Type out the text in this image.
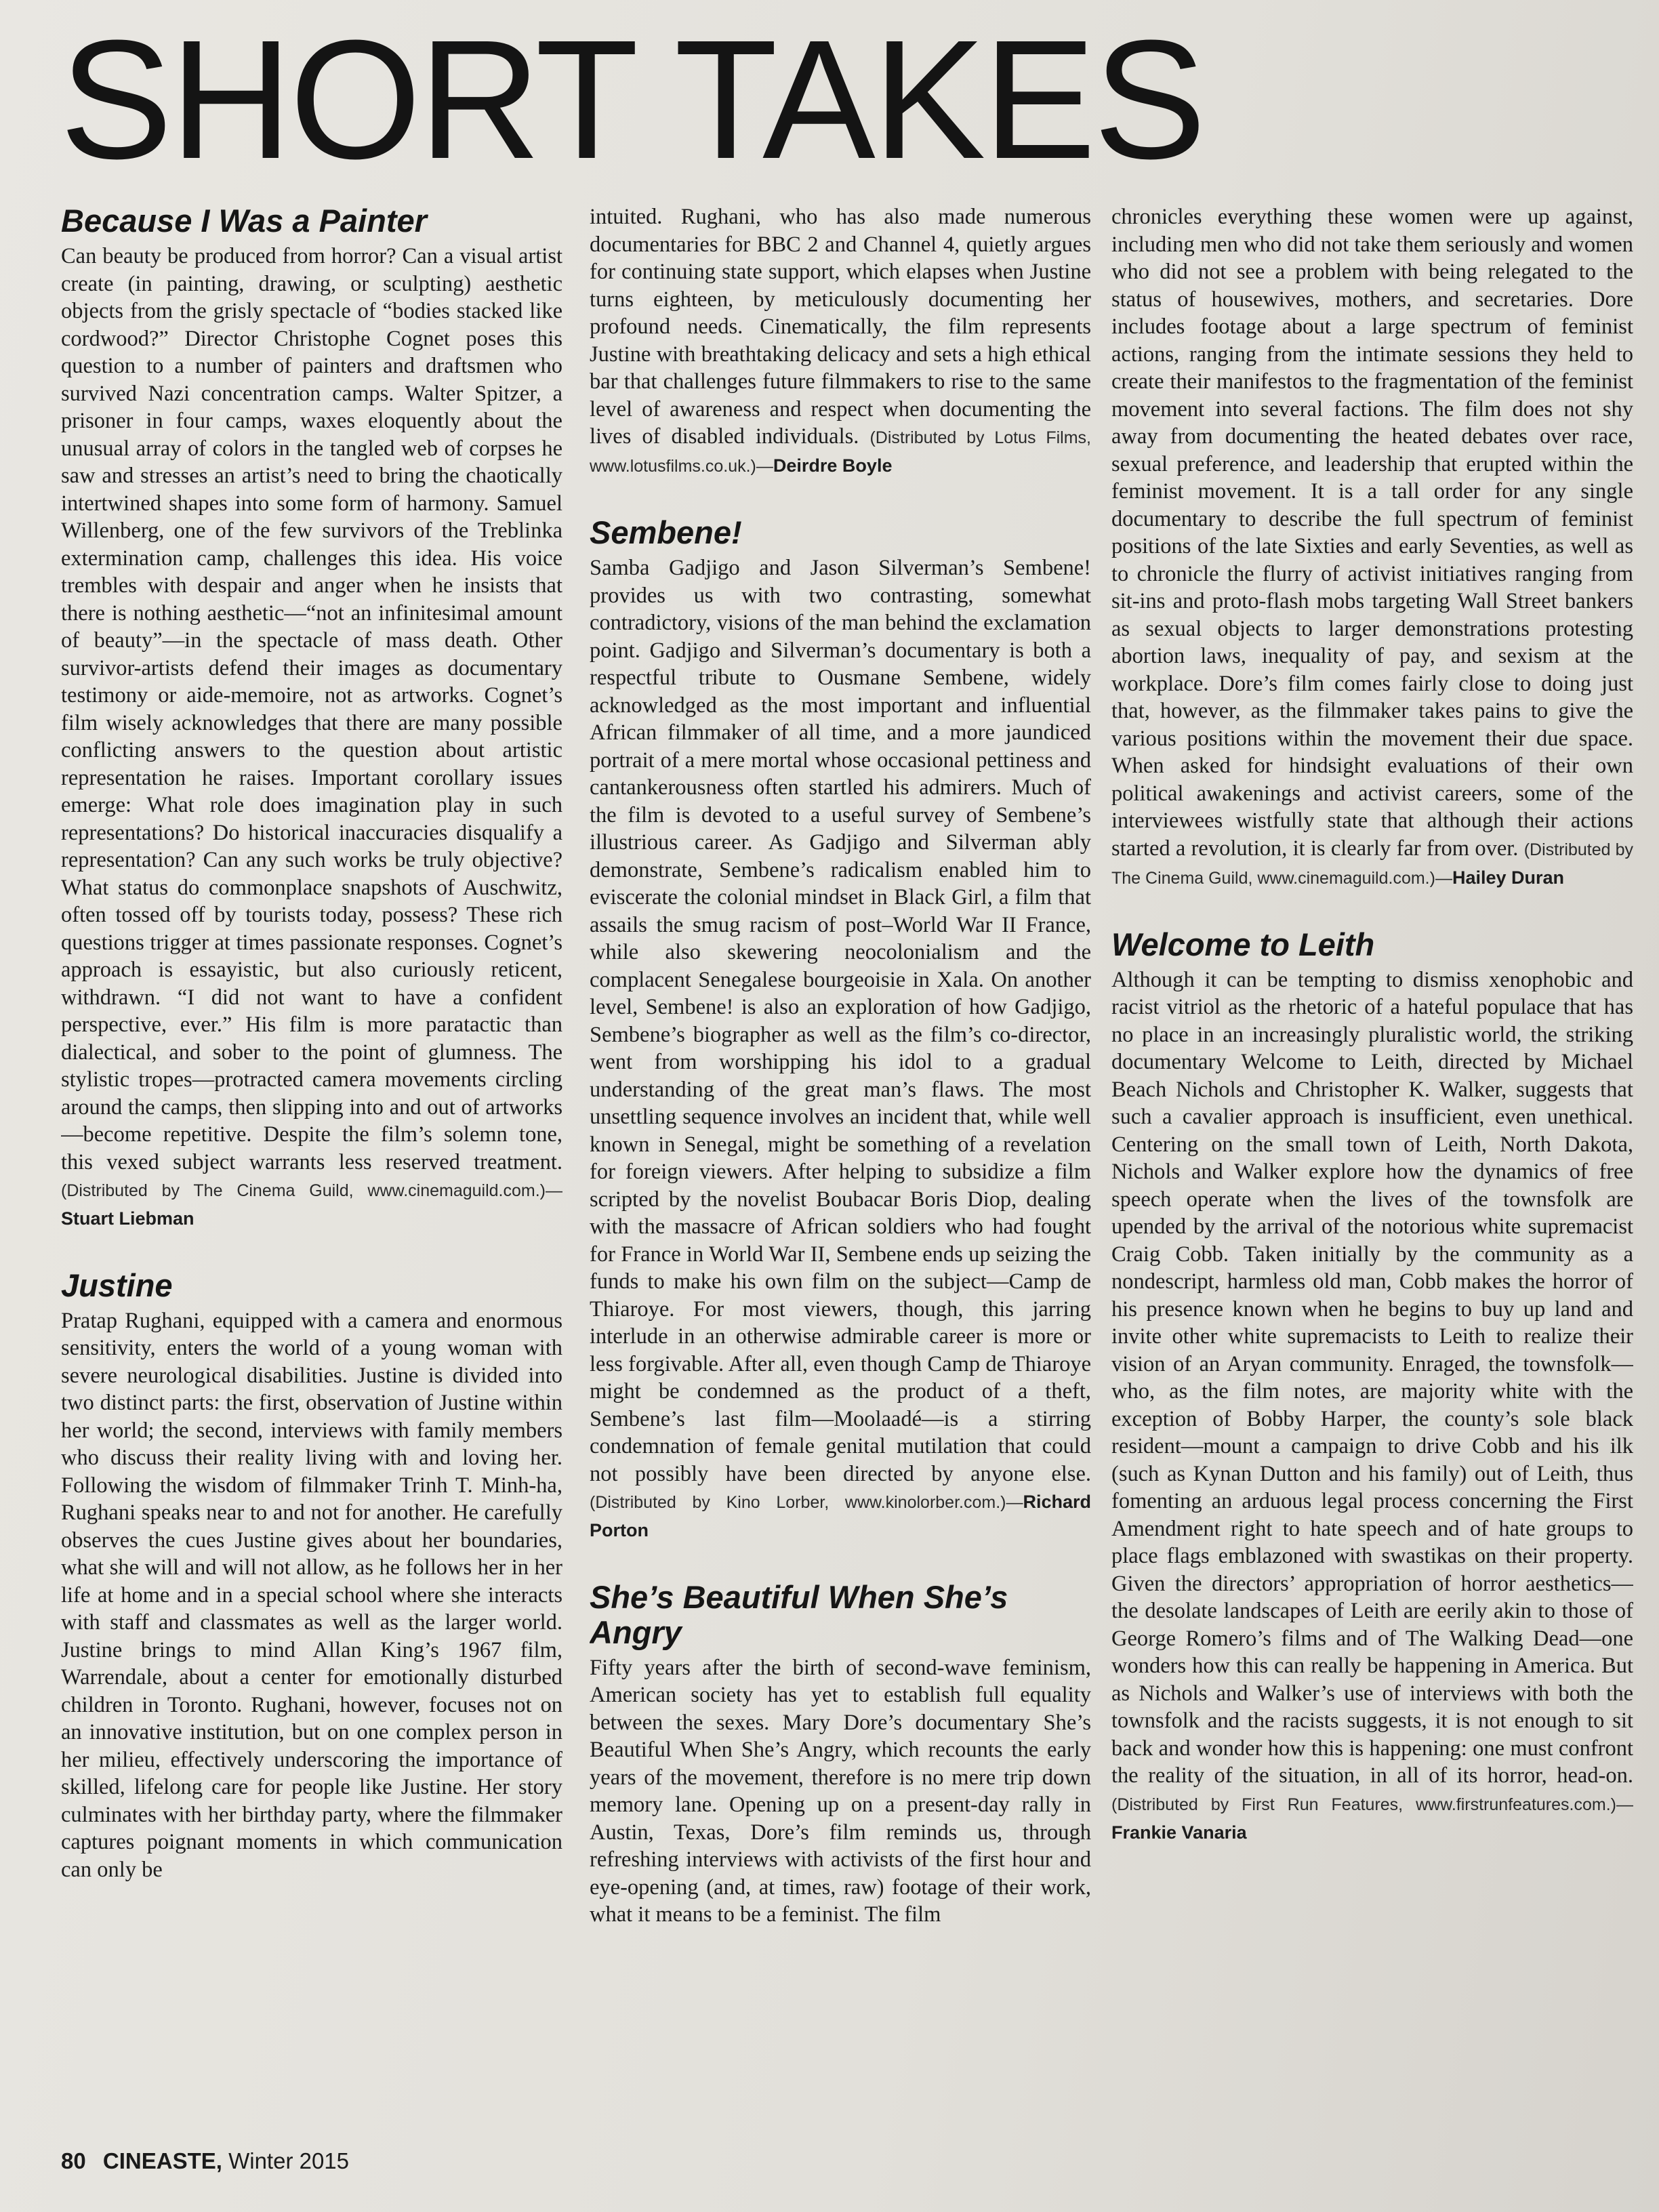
SHORT TAKES
Because I Was a Painter

Can beauty be produced from horror? Can a visual artist create (in painting, drawing, or sculpting) aesthetic objects from the grisly spectacle of “bodies stacked like cordwood?” Director Christophe Cognet poses this question to a number of painters and draftsmen who survived Nazi concentration camps. Walter Spitzer, a prisoner in four camps, waxes eloquently about the unusual array of colors in the tangled web of corpses he saw and stresses an artist’s need to bring the chaotically intertwined shapes into some form of harmony. Samuel Willenberg, one of the few survivors of the Treblinka extermination camp, challenges this idea. His voice trembles with despair and anger when he insists that there is nothing aesthetic—“not an infinitesimal amount of beauty”—in the spectacle of mass death. Other survivor-artists defend their images as documentary testimony or aide-memoire, not as artworks. Cognet’s film wisely acknowledges that there are many possible conflicting answers to the question about artistic representation he raises. Important corollary issues emerge: What role does imagination play in such representations? Do historical inaccuracies disqualify a representation? Can any such works be truly objective? What status do commonplace snapshots of Auschwitz, often tossed off by tourists today, possess? These rich questions trigger at times passionate responses. Cognet’s approach is essayistic, but also curiously reticent, withdrawn. “I did not want to have a confident perspective, ever.” His film is more paratactic than dialectical, and sober to the point of glumness. The stylistic tropes—protracted camera movements circling around the camps, then slipping into and out of artworks—become repetitive. Despite the film’s solemn tone, this vexed subject warrants less reserved treatment. (Distributed by The Cinema Guild, www.cinemaguild.com.)—Stuart Liebman

Justine

Pratap Rughani, equipped with a camera and enormous sensitivity, enters the world of a young woman with severe neurological disabilities. Justine is divided into two distinct parts: the first, observation of Justine within her world; the second, interviews with family members who discuss their reality living with and loving her. Following the wisdom of filmmaker Trinh T. Minh-ha, Rughani speaks near to and not for another. He carefully observes the cues Justine gives about her boundaries, what she will and will not allow, as he follows her in her life at home and in a special school where she interacts with staff and classmates as well as the larger world. Justine brings to mind Allan King’s 1967 film, Warrendale, about a center for emotionally disturbed children in Toronto. Rughani, however, focuses not on an innovative institution, but on one complex person in her milieu, effectively underscoring the importance of skilled, lifelong care for people like Justine. Her story culminates with her birthday party, where the filmmaker captures poignant moments in which communication can only be

intuited. Rughani, who has also made numerous documentaries for BBC 2 and Channel 4, quietly argues for continuing state support, which elapses when Justine turns eighteen, by meticulously documenting her profound needs. Cinematically, the film represents Justine with breathtaking delicacy and sets a high ethical bar that challenges future filmmakers to rise to the same level of awareness and respect when documenting the lives of disabled individuals. (Distributed by Lotus Films, www.lotusfilms.co.uk.)—Deirdre Boyle

Sembene!

Samba Gadjigo and Jason Silverman’s Sembene! provides us with two contrasting, somewhat contradictory, visions of the man behind the exclamation point. Gadjigo and Silverman’s documentary is both a respectful tribute to Ousmane Sembene, widely acknowledged as the most important and influential African filmmaker of all time, and a more jaundiced portrait of a mere mortal whose occasional pettiness and cantankerousness often startled his admirers. Much of the film is devoted to a useful survey of Sembene’s illustrious career. As Gadjigo and Silverman ably demonstrate, Sembene’s radicalism enabled him to eviscerate the colonial mindset in Black Girl, a film that assails the smug racism of post–World War II France, while also skewering neocolonialism and the complacent Senegalese bourgeoisie in Xala. On another level, Sembene! is also an exploration of how Gadjigo, Sembene’s biographer as well as the film’s co-director, went from worshipping his idol to a gradual understanding of the great man’s flaws. The most unsettling sequence involves an incident that, while well known in Senegal, might be something of a revelation for foreign viewers. After helping to subsidize a film scripted by the novelist Boubacar Boris Diop, dealing with the massacre of African soldiers who had fought for France in World War II, Sembene ends up seizing the funds to make his own film on the subject—Camp de Thiaroye. For most viewers, though, this jarring interlude in an otherwise admirable career is more or less forgivable. After all, even though Camp de Thiaroye might be condemned as the product of a theft, Sembene’s last film—Moolaadé—is a stirring condemnation of female genital mutilation that could not possibly have been directed by anyone else. (Distributed by Kino Lorber, www.kinolorber.com.)—Richard Porton

She’s Beautiful When She’s Angry

Fifty years after the birth of second-wave feminism, American society has yet to establish full equality between the sexes. Mary Dore’s documentary She’s Beautiful When She’s Angry, which recounts the early years of the movement, therefore is no mere trip down memory lane. Opening up on a present-day rally in Austin, Texas, Dore’s film reminds us, through refreshing interviews with activists of the first hour and eye-opening (and, at times, raw) footage of their work, what it means to be a feminist. The film

chronicles everything these women were up against, including men who did not take them seriously and women who did not see a problem with being relegated to the status of housewives, mothers, and secretaries. Dore includes footage about a large spectrum of feminist actions, ranging from the intimate sessions they held to create their manifestos to the fragmentation of the feminist movement into several factions. The film does not shy away from documenting the heated debates over race, sexual preference, and leadership that erupted within the feminist movement. It is a tall order for any single documentary to describe the full spectrum of feminist positions of the late Sixties and early Seventies, as well as to chronicle the flurry of activist initiatives ranging from sit-ins and proto-flash mobs targeting Wall Street bankers as sexual objects to larger demonstrations protesting abortion laws, inequality of pay, and sexism at the workplace. Dore’s film comes fairly close to doing just that, however, as the filmmaker takes pains to give the various positions within the movement their due space. When asked for hindsight evaluations of their own political awakenings and activist careers, some of the interviewees wistfully state that although their actions started a revolution, it is clearly far from over. (Distributed by The Cinema Guild, www.cinemaguild.com.)—Hailey Duran

Welcome to Leith

Although it can be tempting to dismiss xenophobic and racist vitriol as the rhetoric of a hateful populace that has no place in an increasingly pluralistic world, the striking documentary Welcome to Leith, directed by Michael Beach Nichols and Christopher K. Walker, suggests that such a cavalier approach is insufficient, even unethical. Centering on the small town of Leith, North Dakota, Nichols and Walker explore how the dynamics of free speech operate when the lives of the townsfolk are upended by the arrival of the notorious white supremacist Craig Cobb. Taken initially by the community as a nondescript, harmless old man, Cobb makes the horror of his presence known when he begins to buy up land and invite other white supremacists to Leith to realize their vision of an Aryan community. Enraged, the townsfolk—who, as the film notes, are majority white with the exception of Bobby Harper, the county’s sole black resident—mount a campaign to drive Cobb and his ilk (such as Kynan Dutton and his family) out of Leith, thus fomenting an arduous legal process concerning the First Amendment right to hate speech and of hate groups to place flags emblazoned with swastikas on their property. Given the directors’ appropriation of horror aesthetics—the desolate landscapes of Leith are eerily akin to those of George Romero’s films and of The Walking Dead—one wonders how this can really be happening in America. But as Nichols and Walker’s use of interviews with both the townsfolk and the racists suggests, it is not enough to sit back and wonder how this is happening: one must confront the reality of the situation, in all of its horror, head-on. (Distributed by First Run Features, www.firstrunfeatures.com.)—Frankie Vanaria

80 CINEASTE, Winter 2015
